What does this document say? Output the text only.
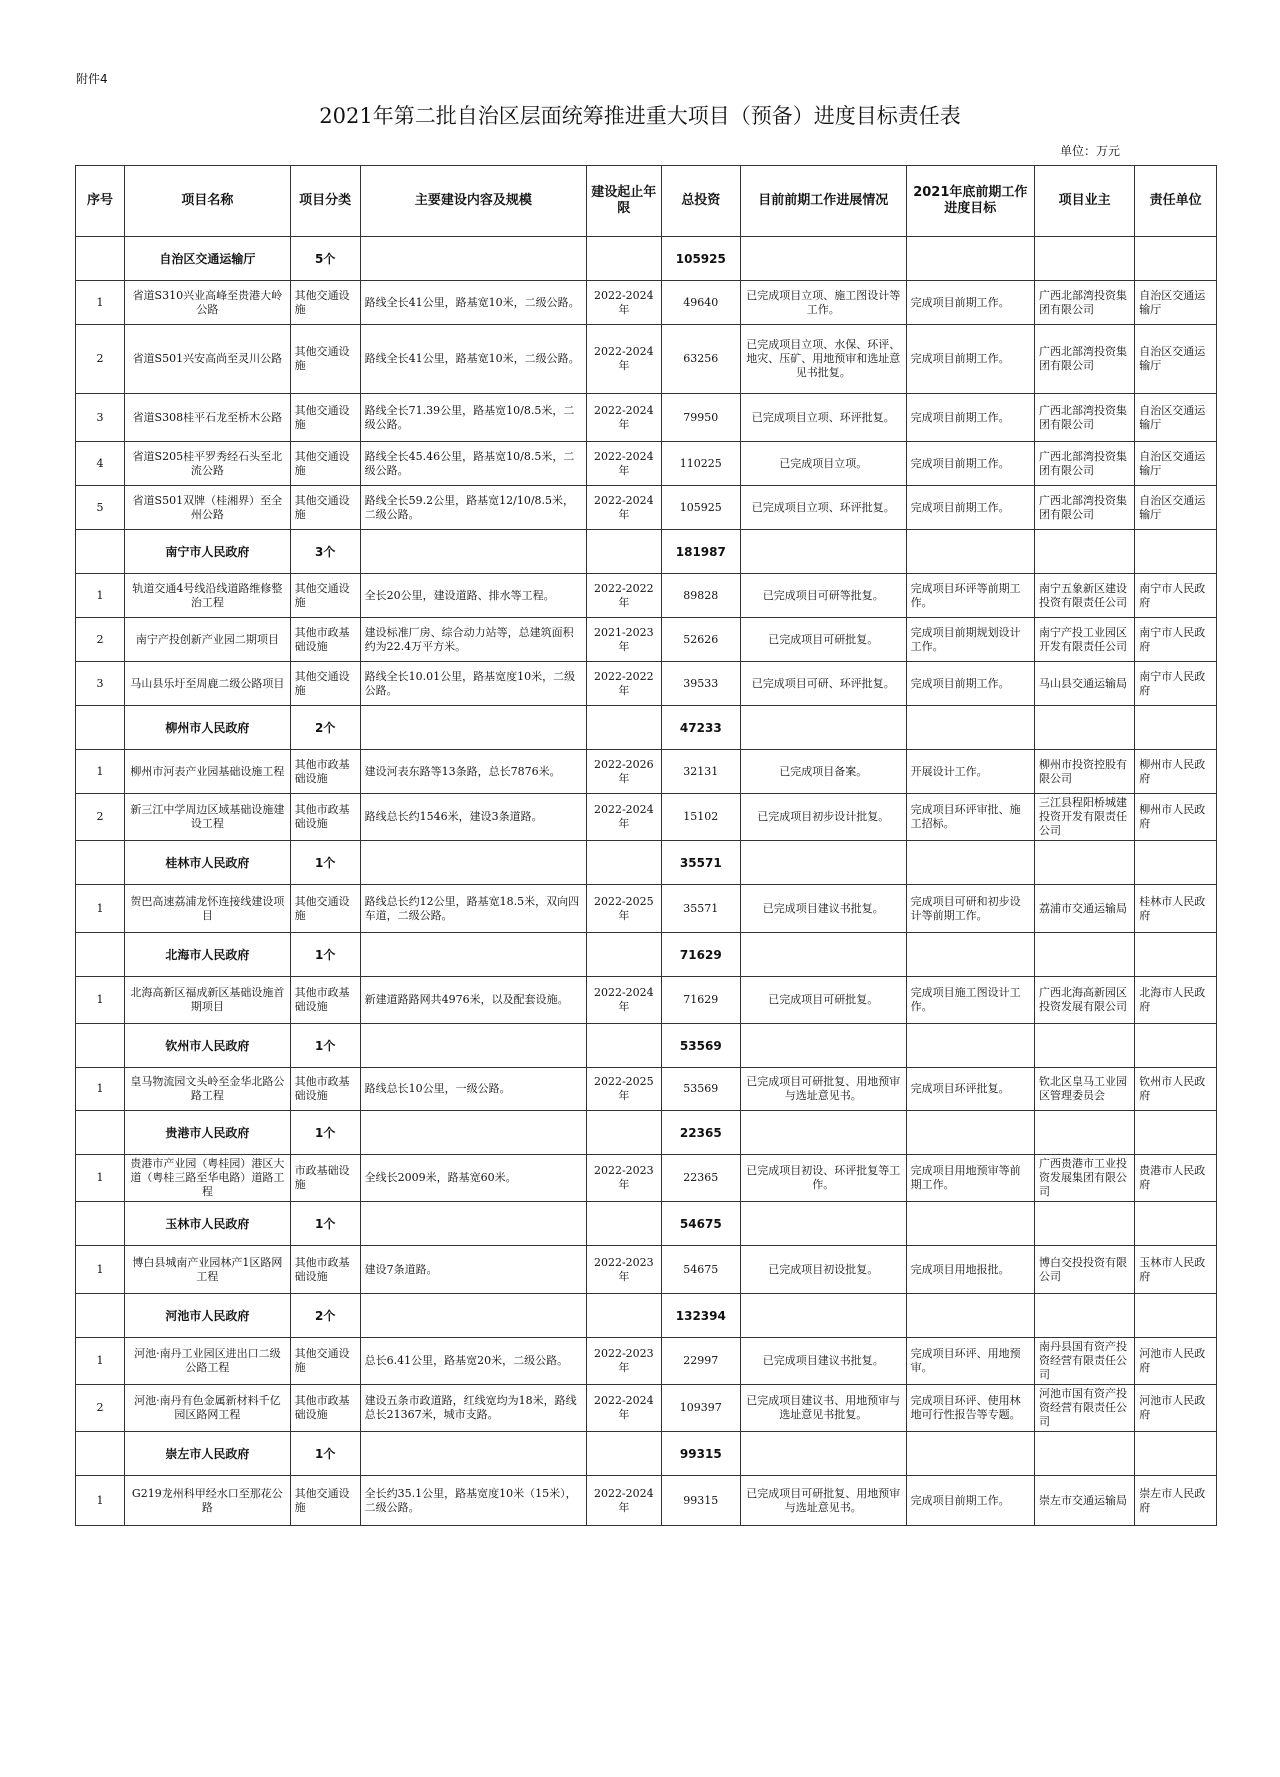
附件4
2021年第二批自治区层面统筹推进重大项目（预备）进度目标责任表
单位：万元
序号	项目名称	项目分类	主要建设内容及规模	建设起止年限	总投资	目前前期工作进展情况	2021年底前期工作进度目标	项目业主	责任单位
	自治区交通运输厅	5个			105925				
1	省道S310兴业高峰至贵港大岭公路	其他交通设施	路线全长41公里，路基宽10米，二级公路。	2022-2024年	49640	已完成项目立项、施工图设计等工作。	完成项目前期工作。	广西北部湾投资集团有限公司	自治区交通运输厅
2	省道S501兴安高尚至灵川公路	其他交通设施	路线全长41公里，路基宽10米，二级公路。	2022-2024年	63256	已完成项目立项、水保、环评、地灾、压矿、用地预审和选址意见书批复。	完成项目前期工作。	广西北部湾投资集团有限公司	自治区交通运输厅
3	省道S308桂平石龙至桥木公路	其他交通设施	路线全长71.39公里，路基宽10/8.5米，二级公路。	2022-2024年	79950	已完成项目立项、环评批复。	完成项目前期工作。	广西北部湾投资集团有限公司	自治区交通运输厅
4	省道S205桂平罗秀经石头至北流公路	其他交通设施	路线全长45.46公里，路基宽10/8.5米，二级公路。	2022-2024年	110225	已完成项目立项。	完成项目前期工作。	广西北部湾投资集团有限公司	自治区交通运输厅
5	省道S501双牌（桂湘界）至全州公路	其他交通设施	路线全长59.2公里，路基宽12/10/8.5米，二级公路。	2022-2024年	105925	已完成项目立项、环评批复。	完成项目前期工作。	广西北部湾投资集团有限公司	自治区交通运输厅
	南宁市人民政府	3个			181987				
1	轨道交通4号线沿线道路维修整治工程	其他交通设施	全长20公里，建设道路、排水等工程。	2022-2022年	89828	已完成项目可研等批复。	完成项目环评等前期工作。	南宁五象新区建设投资有限责任公司	南宁市人民政府
2	南宁产投创新产业园二期项目	其他市政基础设施	建设标准厂房、综合动力站等，总建筑面积约为22.4万平方米。	2021-2023年	52626	已完成项目可研批复。	完成项目前期规划设计工作。	南宁产投工业园区开发有限责任公司	南宁市人民政府
3	马山县乐圩至周鹿二级公路项目	其他交通设施	路线全长10.01公里，路基宽度10米，二级公路。	2022-2022年	39533	已完成项目可研、环评批复。	完成项目前期工作。	马山县交通运输局	南宁市人民政府
	柳州市人民政府	2个			47233				
1	柳州市河表产业园基础设施工程	其他市政基础设施	建设河表东路等13条路，总长7876米。	2022-2026年	32131	已完成项目备案。	开展设计工作。	柳州市投资控股有限公司	柳州市人民政府
2	新三江中学周边区域基础设施建设工程	其他市政基础设施	路线总长约1546米，建设3条道路。	2022-2024年	15102	已完成项目初步设计批复。	完成项目环评审批、施工招标。	三江县程阳桥城建投资开发有限责任公司	柳州市人民政府
	桂林市人民政府	1个			35571				
1	贺巴高速荔浦龙怀连接线建设项目	其他交通设施	路线总长约12公里，路基宽18.5米，双向四车道，二级公路。	2022-2025年	35571	已完成项目建议书批复。	完成项目可研和初步设计等前期工作。	荔浦市交通运输局	桂林市人民政府
	北海市人民政府	1个			71629				
1	北海高新区福成新区基础设施首期项目	其他市政基础设施	新建道路路网共4976米，以及配套设施。	2022-2024年	71629	已完成项目可研批复。	完成项目施工图设计工作。	广西北海高新园区投资发展有限公司	北海市人民政府
	钦州市人民政府	1个			53569				
1	皇马物流园文头岭至金华北路公路工程	其他市政基础设施	路线总长10公里，一级公路。	2022-2025年	53569	已完成项目可研批复、用地预审与选址意见书。	完成项目环评批复。	钦北区皇马工业园区管理委员会	钦州市人民政府
	贵港市人民政府	1个			22365				
1	贵港市产业园（粤桂园）港区大道（粤桂三路至华电路）道路工程	市政基础设施	全线长2009米，路基宽60米。	2022-2023年	22365	已完成项目初设、环评批复等工作。	完成项目用地预审等前期工作。	广西贵港市工业投资发展集团有限公司	贵港市人民政府
	玉林市人民政府	1个			54675				
1	博白县城南产业园林产1区路网工程	其他市政基础设施	建设7条道路。	2022-2023年	54675	已完成项目初设批复。	完成项目用地报批。	博白交投投资有限公司	玉林市人民政府
	河池市人民政府	2个			132394				
1	河池·南丹工业园区进出口二级公路工程	其他交通设施	总长6.41公里，路基宽20米，二级公路。	2022-2023年	22997	已完成项目建议书批复。	完成项目环评、用地预审。	南丹县国有资产投资经营有限责任公司	河池市人民政府
2	河池·南丹有色金属新材料千亿园区路网工程	其他市政基础设施	建设五条市政道路，红线宽均为18米，路线总长21367米，城市支路。	2022-2024年	109397	已完成项目建议书、用地预审与选址意见书批复。	完成项目环评、使用林地可行性报告等专题。	河池市国有资产投资经营有限责任公司	河池市人民政府
	崇左市人民政府	1个			99315				
1	G219龙州科甲经水口至那花公路	其他交通设施	全长约35.1公里，路基宽度10米（15米），二级公路。	2022-2024年	99315	已完成项目可研批复、用地预审与选址意见书。	完成项目前期工作。	崇左市交通运输局	崇左市人民政府
